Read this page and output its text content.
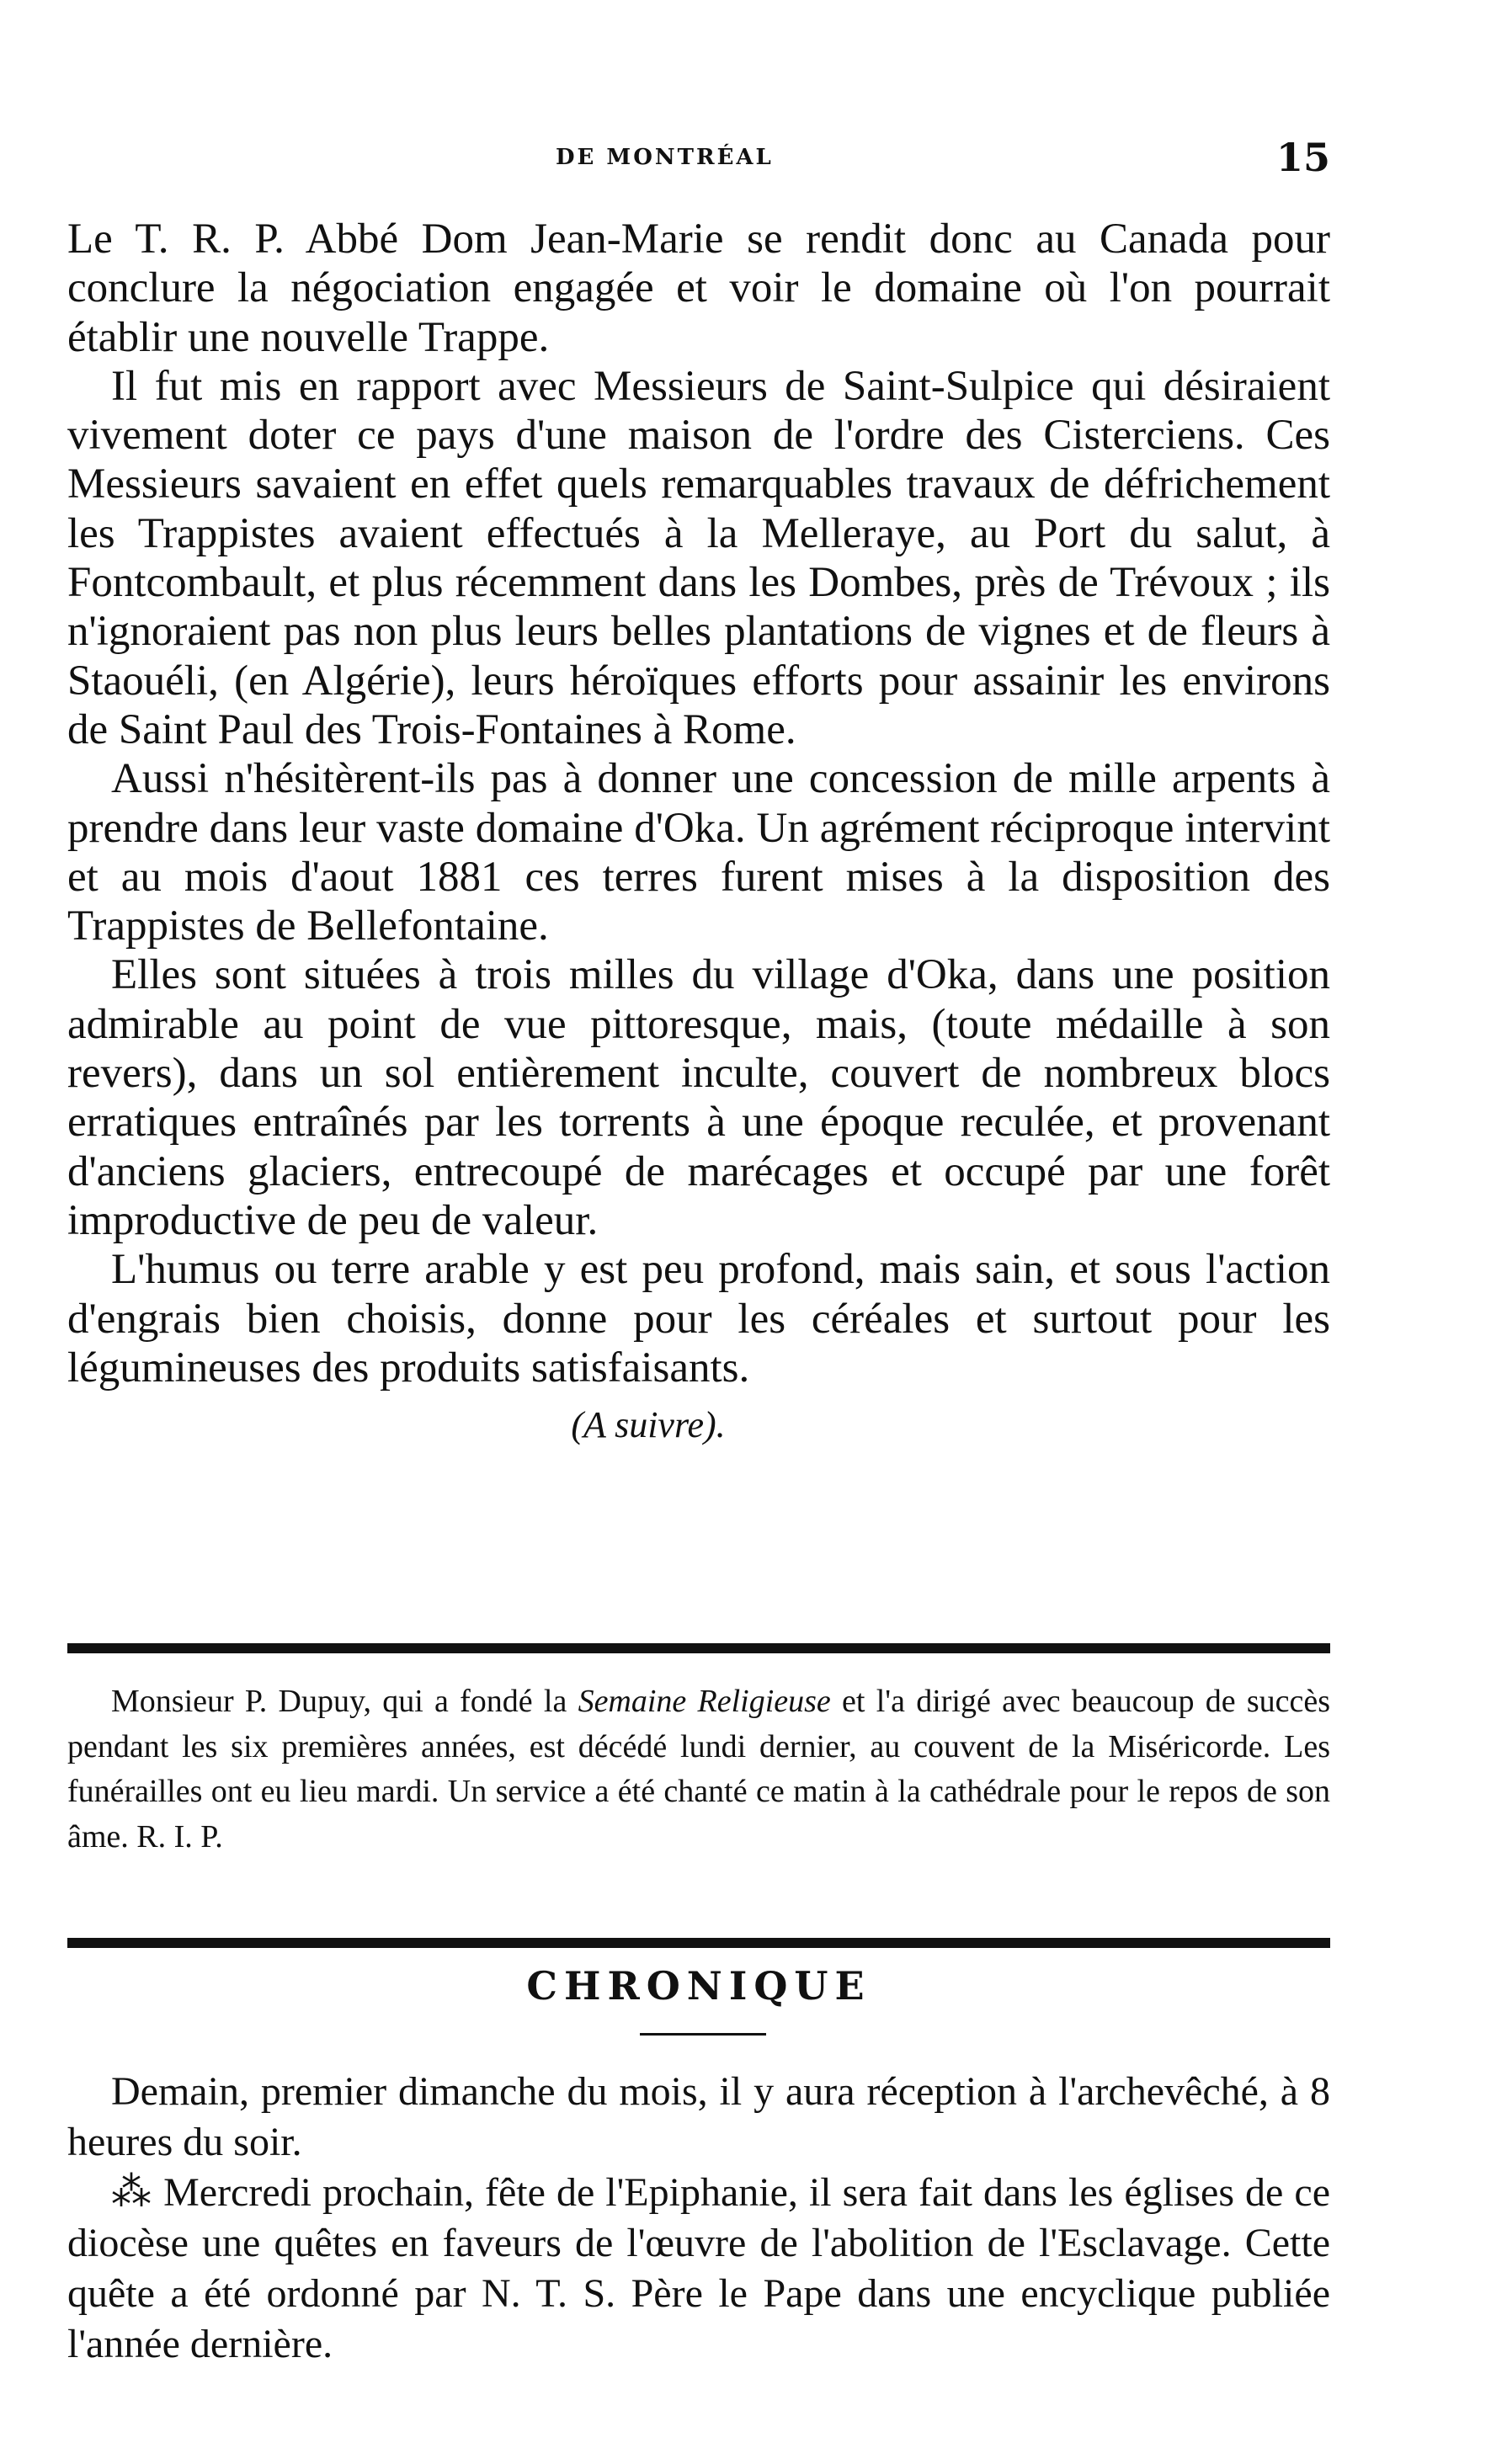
DE MONTRÉAL	15

Le T. R. P. Abbé Dom Jean-Marie se rendit donc au Canada pour conclure la négociation engagée et voir le domaine où l'on pourrait établir une nouvelle Trappe.

Il fut mis en rapport avec Messieurs de Saint-Sulpice qui désiraient vivement doter ce pays d'une maison de l'ordre des Cisterciens. Ces Messieurs savaient en effet quels remarquables travaux de défrichement les Trappistes avaient effectués à la Melleraye, au Port du salut, à Fontcombault, et plus récemment dans les Dombes, près de Trévoux ; ils n'ignoraient pas non plus leurs belles plantations de vignes et de fleurs à Staouéli, (en Algérie), leurs héroïques efforts pour assainir les environs de Saint Paul des Trois-Fontaines à Rome.

Aussi n'hésitèrent-ils pas à donner une concession de mille arpents à prendre dans leur vaste domaine d'Oka. Un agrément réciproque intervint et au mois d'aout 1881 ces terres furent mises à la disposition des Trappistes de Bellefontaine.

Elles sont situées à trois milles du village d'Oka, dans une position admirable au point de vue pittoresque, mais, (toute médaille à son revers), dans un sol entièrement inculte, couvert de nombreux blocs erratiques entraînés par les torrents à une époque reculée, et provenant d'anciens glaciers, entrecoupé de marécages et occupé par une forêt improductive de peu de valeur.

L'humus ou terre arable y est peu profond, mais sain, et sous l'action d'engrais bien choisis, donne pour les céréales et surtout pour les légumineuses des produits satisfaisants.

(A suivre).
Monsieur P. Dupuy, qui a fondé la Semaine Religieuse et l'a dirigé avec beaucoup de succès pendant les six premières années, est décédé lundi dernier, au couvent de la Miséricorde. Les funérailles ont eu lieu mardi. Un service a été chanté ce matin à la cathédrale pour le repos de son âme. R. I. P.
CHRONIQUE

Demain, premier dimanche du mois, il y aura réception à l'archevêché, à 8 heures du soir.

⁂ Mercredi prochain, fête de l'Epiphanie, il sera fait dans les églises de ce diocèse une quêtes en faveurs de l'œuvre de l'abolition de l'Esclavage. Cette quête a été ordonné par N. T. S. Père le Pape dans une encyclique publiée l'année dernière.
